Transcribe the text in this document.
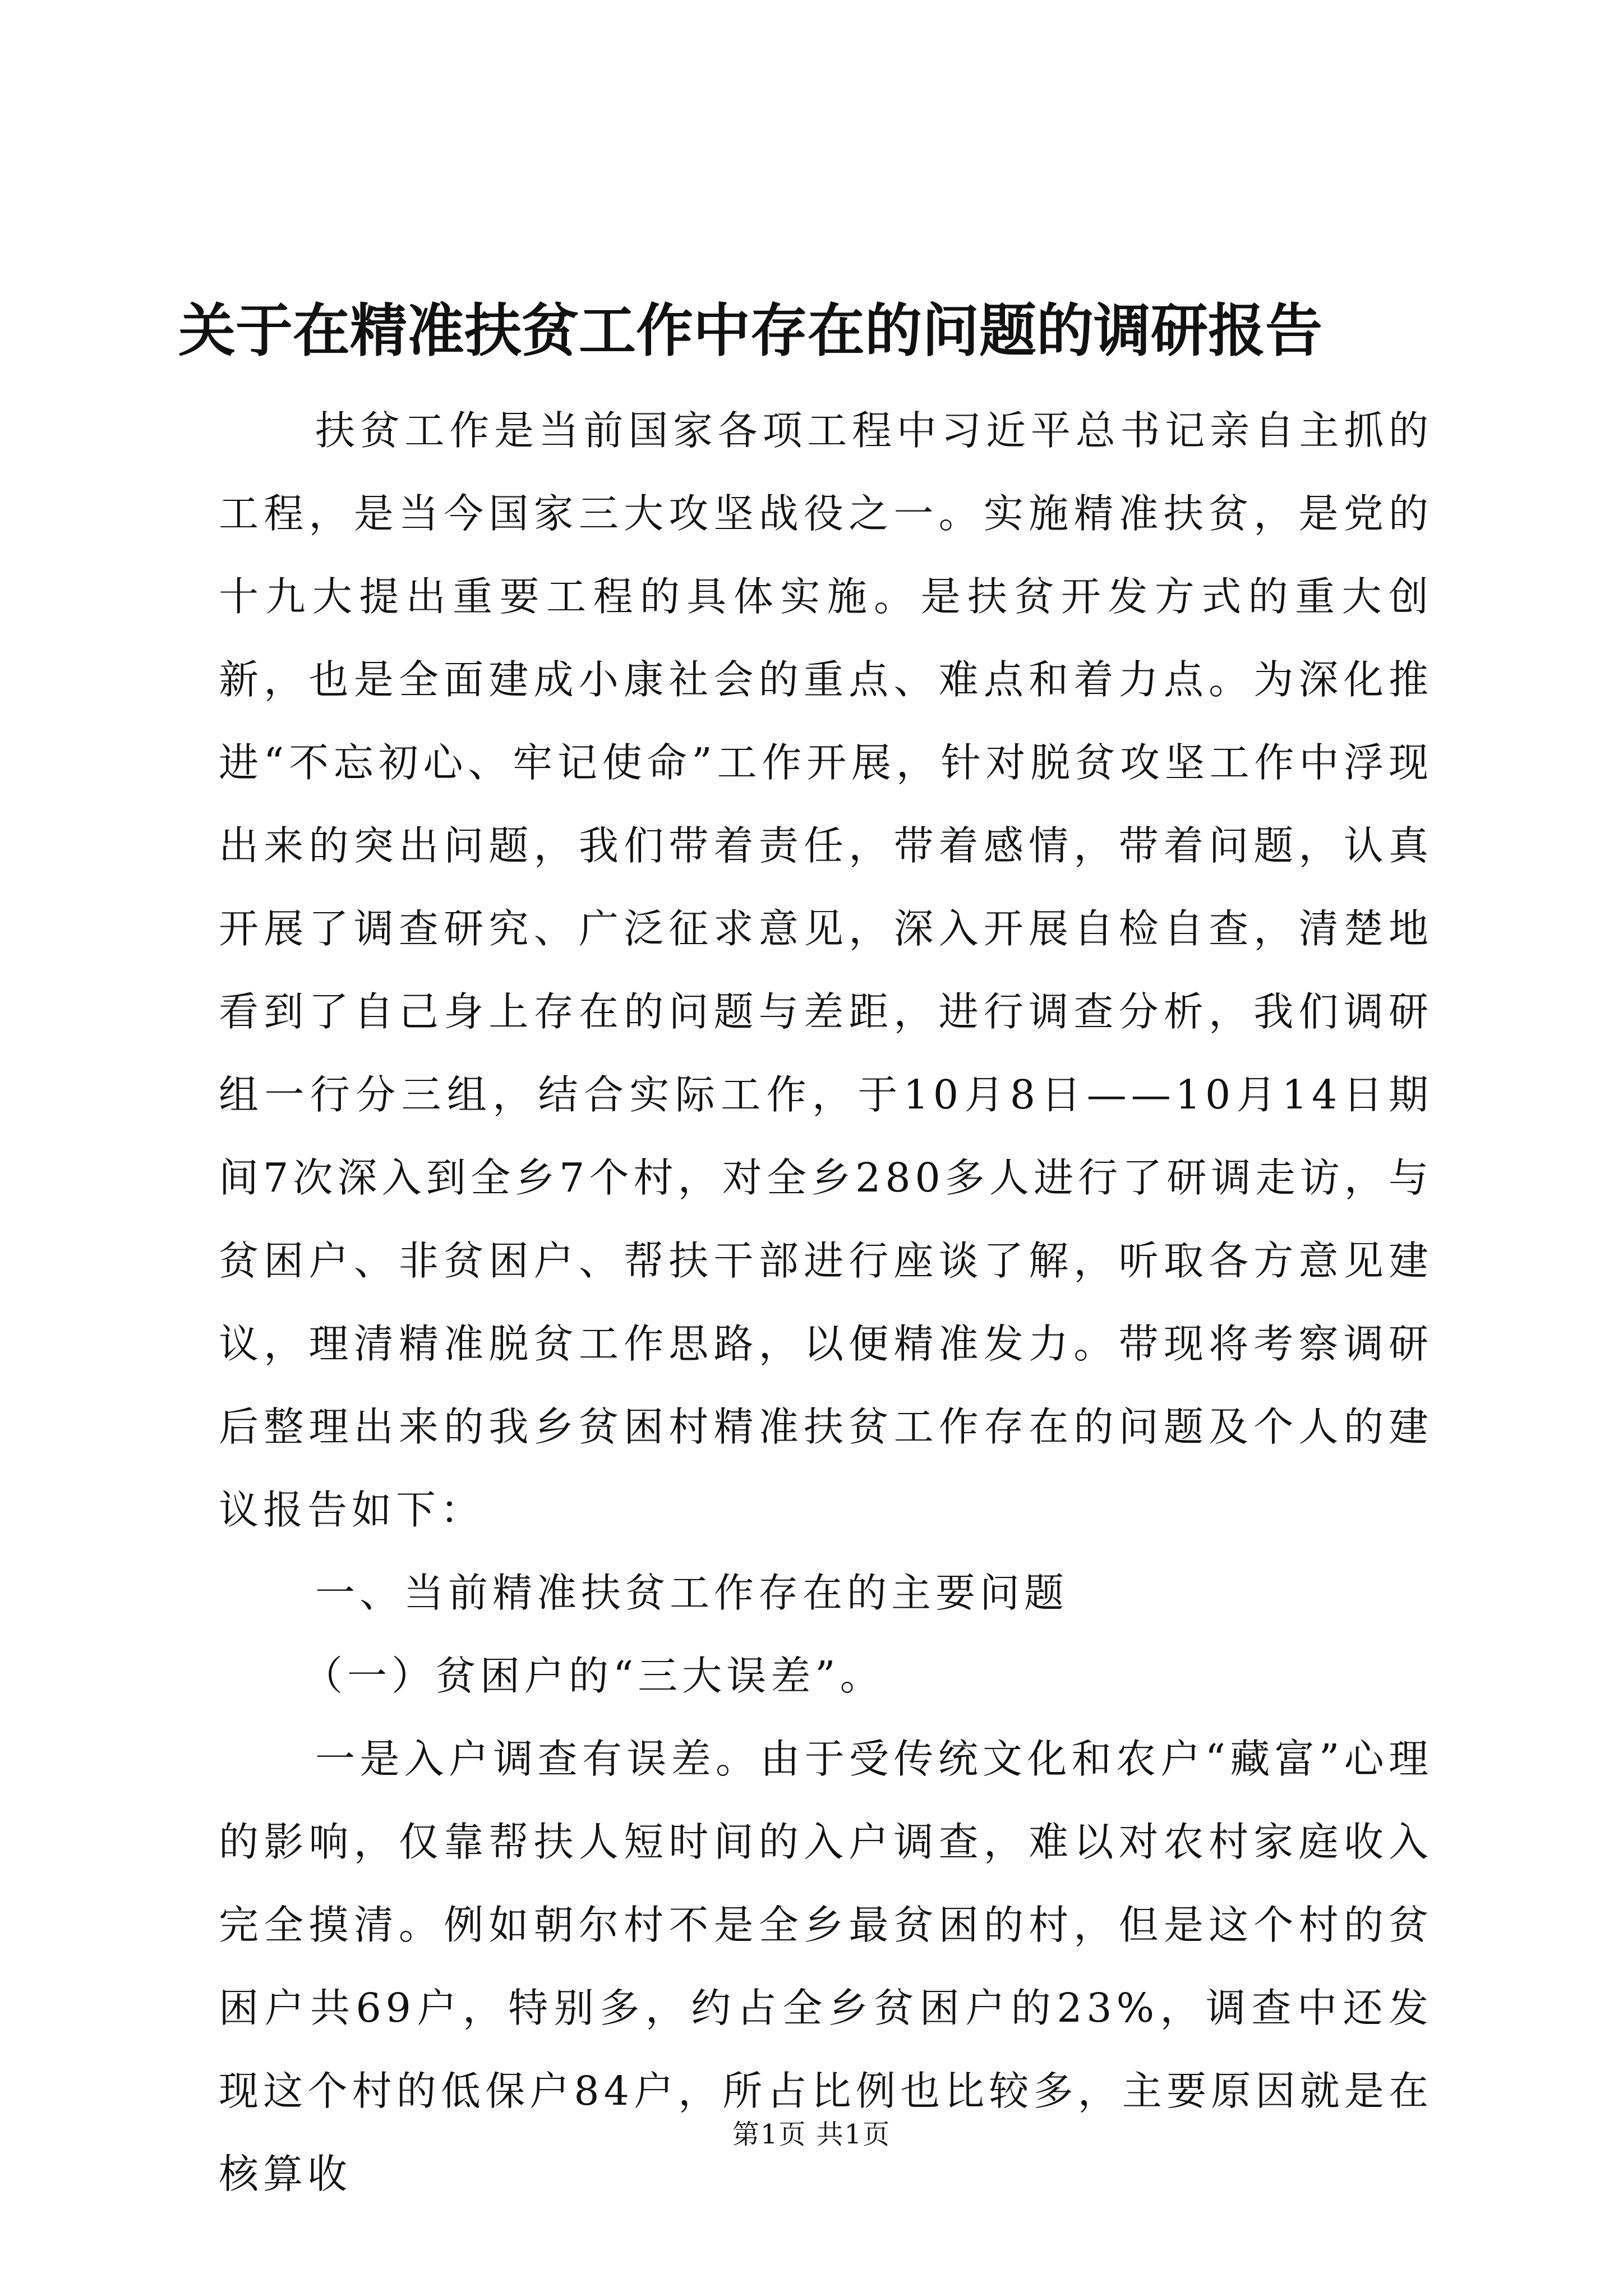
关于在精准扶贫工作中存在的问题的调研报告

扶贫工作是当前国家各项工程中习近平总书记亲自主抓的工程，是当今国家三大攻坚战役之一。实施精准扶贫，是党的十九大提出重要工程的具体实施。是扶贫开发方式的重大创新，也是全面建成小康社会的重点、难点和着力点。为深化推进“不忘初心、牢记使命”工作开展，针对脱贫攻坚工作中浮现出来的突出问题，我们带着责任，带着感情，带着问题，认真开展了调查研究、广泛征求意见，深入开展自检自查，清楚地看到了自己身上存在的问题与差距，进行调查分析，我们调研组一行分三组，结合实际工作，于10月8日——10月14日期间7次深入到全乡7个村，对全乡280多人进行了研调走访，与贫困户、非贫困户、帮扶干部进行座谈了解，听取各方意见建议，理清精准脱贫工作思路，以便精准发力。带现将考察调研后整理出来的我乡贫困村精准扶贫工作存在的问题及个人的建议报告如下：

一、当前精准扶贫工作存在的主要问题

（一）贫困户的“三大误差”。

一是入户调查有误差。由于受传统文化和农户“藏富”心理的影响，仅靠帮扶人短时间的入户调查，难以对农村家庭收入完全摸清。例如朝尔村不是全乡最贫困的村，但是这个村的贫困户共69户，特别多，约占全乡贫困户的23%，调查中还发现这个村的低保户84户，所占比例也比较多，主要原因就是在核算收

第1页 共1页
